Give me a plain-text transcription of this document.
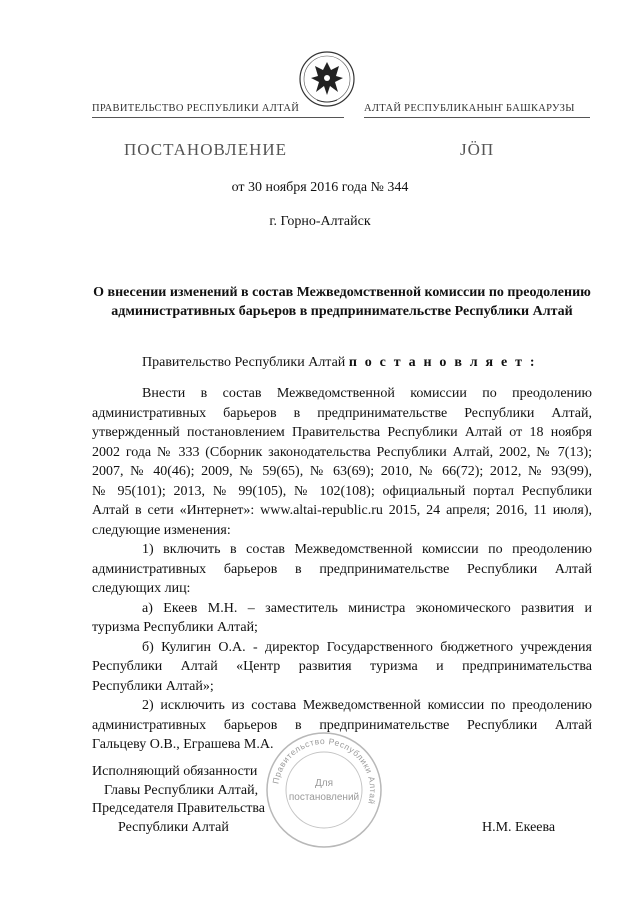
ПРАВИТЕЛЬСТВО РЕСПУБЛИКИ АЛТАЙ	АЛТАЙ РЕСПУБЛИКАНЫҤ БАШКАРУЗЫ
ПОСТАНОВЛЕНИЕ	ЈӦП
от 30 ноября 2016 года № 344
г. Горно-Алтайск
О внесении изменений в состав Межведомственной комиссии по преодолению административных барьеров в предпринимательстве Республики Алтай
Правительство Республики Алтай п о с т а н о в л я е т :
Внести в состав Межведомственной комиссии по преодолению
административных барьеров в предпринимательстве Республики Алтай,
утвержденный постановлением Правительства Республики Алтай от 18 ноября
2002 года № 333 (Сборник законодательства Республики Алтай, 2002, № 7(13);
2007, № 40(46); 2009, № 59(65), № 63(69); 2010, № 66(72); 2012, № 93(99),
№ 95(101); 2013, № 99(105), № 102(108); официальный портал Республики
Алтай в сети «Интернет»: www.altai-republic.ru 2015, 24 апреля; 2016, 11 июля),
следующие изменения:
1) включить в состав Межведомственной комиссии по преодолению
административных барьеров в предпринимательстве Республики Алтай
следующих лиц:
а) Екеев М.Н. – заместитель министра экономического развития и
туризма Республики Алтай;
б) Кулигин О.А. - директор Государственного бюджетного учреждения
Республики Алтай «Центр развития туризма и предпринимательства
Республики Алтай»;
2) исключить из состава Межведомственной комиссии по преодолению
административных барьеров в предпринимательстве Республики Алтай
Гальцеву О.В., Еграшева М.А.
Исполняющий обязанности
Главы Республики Алтай,
Председателя Правительства
Республики Алтай	Н.М. Екеева
Правительство Республики Алтай
Для
постановлений
